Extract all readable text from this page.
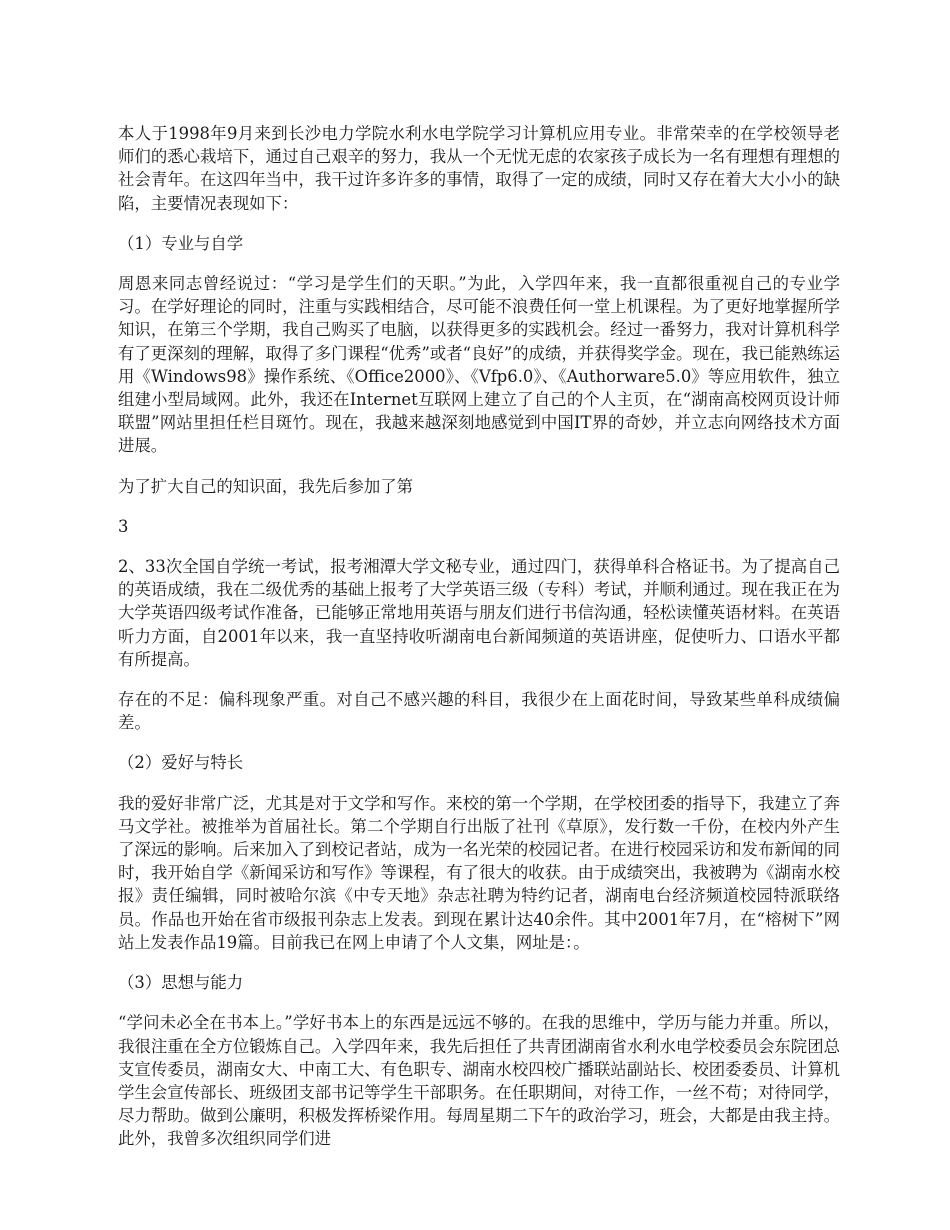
本人于1998年9月来到长沙电力学院水利水电学院学习计算机应用专业。非常荣幸的在学校领导老师们的悉心栽培下，通过自己艰辛的努力，我从一个无忧无虑的农家孩子成长为一名有理想有理想的社会青年。在这四年当中，我干过许多许多的事情，取得了一定的成绩，同时又存在着大大小小的缺陷，主要情况表现如下：

（1）专业与自学

周恩来同志曾经说过：“学习是学生们的天职。”为此，入学四年来，我一直都很重视自己的专业学习。在学好理论的同时，注重与实践相结合，尽可能不浪费任何一堂上机课程。为了更好地掌握所学知识，在第三个学期，我自己购买了电脑，以获得更多的实践机会。经过一番努力，我对计算机科学有了更深刻的理解，取得了多门课程“优秀”或者“良好”的成绩，并获得奖学金。现在，我已能熟练运用《Windows98》操作系统、《Office2000》、《Vfp6.0》、《Authorware5.0》等应用软件，独立组建小型局域网。此外，我还在Internet互联网上建立了自己的个人主页，在“湖南高校网页设计师联盟”网站里担任栏目斑竹。现在，我越来越深刻地感觉到中国IT界的奇妙，并立志向网络技术方面进展。

为了扩大自己的知识面，我先后参加了第

3

2、33次全国自学统一考试，报考湘潭大学文秘专业，通过四门，获得单科合格证书。为了提高自己的英语成绩，我在二级优秀的基础上报考了大学英语三级（专科）考试，并顺利通过。现在我正在为大学英语四级考试作准备，已能够正常地用英语与朋友们进行书信沟通，轻松读懂英语材料。在英语听力方面，自2001年以来，我一直坚持收听湖南电台新闻频道的英语讲座，促使听力、口语水平都有所提高。

存在的不足：偏科现象严重。对自己不感兴趣的科目，我很少在上面花时间，导致某些单科成绩偏差。

（2）爱好与特长

我的爱好非常广泛，尤其是对于文学和写作。来校的第一个学期，在学校团委的指导下，我建立了奔马文学社。被推举为首届社长。第二个学期自行出版了社刊《草原》，发行数一千份，在校内外产生了深远的影响。后来加入了到校记者站，成为一名光荣的校园记者。在进行校园采访和发布新闻的同时，我开始自学《新闻采访和写作》等课程，有了很大的收获。由于成绩突出，我被聘为《湖南水校报》责任编辑，同时被哈尔滨《中专天地》杂志社聘为特约记者，湖南电台经济频道校园特派联络员。作品也开始在省市级报刊杂志上发表。到现在累计达40余件。其中2001年7月，在“榕树下”网站上发表作品19篇。目前我已在网上申请了个人文集，网址是：。

（3）思想与能力

“学问未必全在书本上。”学好书本上的东西是远远不够的。在我的思维中，学历与能力并重。所以，我很注重在全方位锻炼自己。入学四年来，我先后担任了共青团湖南省水利水电学校委员会东院团总支宣传委员，湖南女大、中南工大、有色职专、湖南水校四校广播联站副站长、校团委委员、计算机学生会宣传部长、班级团支部书记等学生干部职务。在任职期间，对待工作，一丝不苟；对待同学，尽力帮助。做到公廉明，积极发挥桥梁作用。每周星期二下午的政治学习，班会，大都是由我主持。此外，我曾多次组织同学们进
